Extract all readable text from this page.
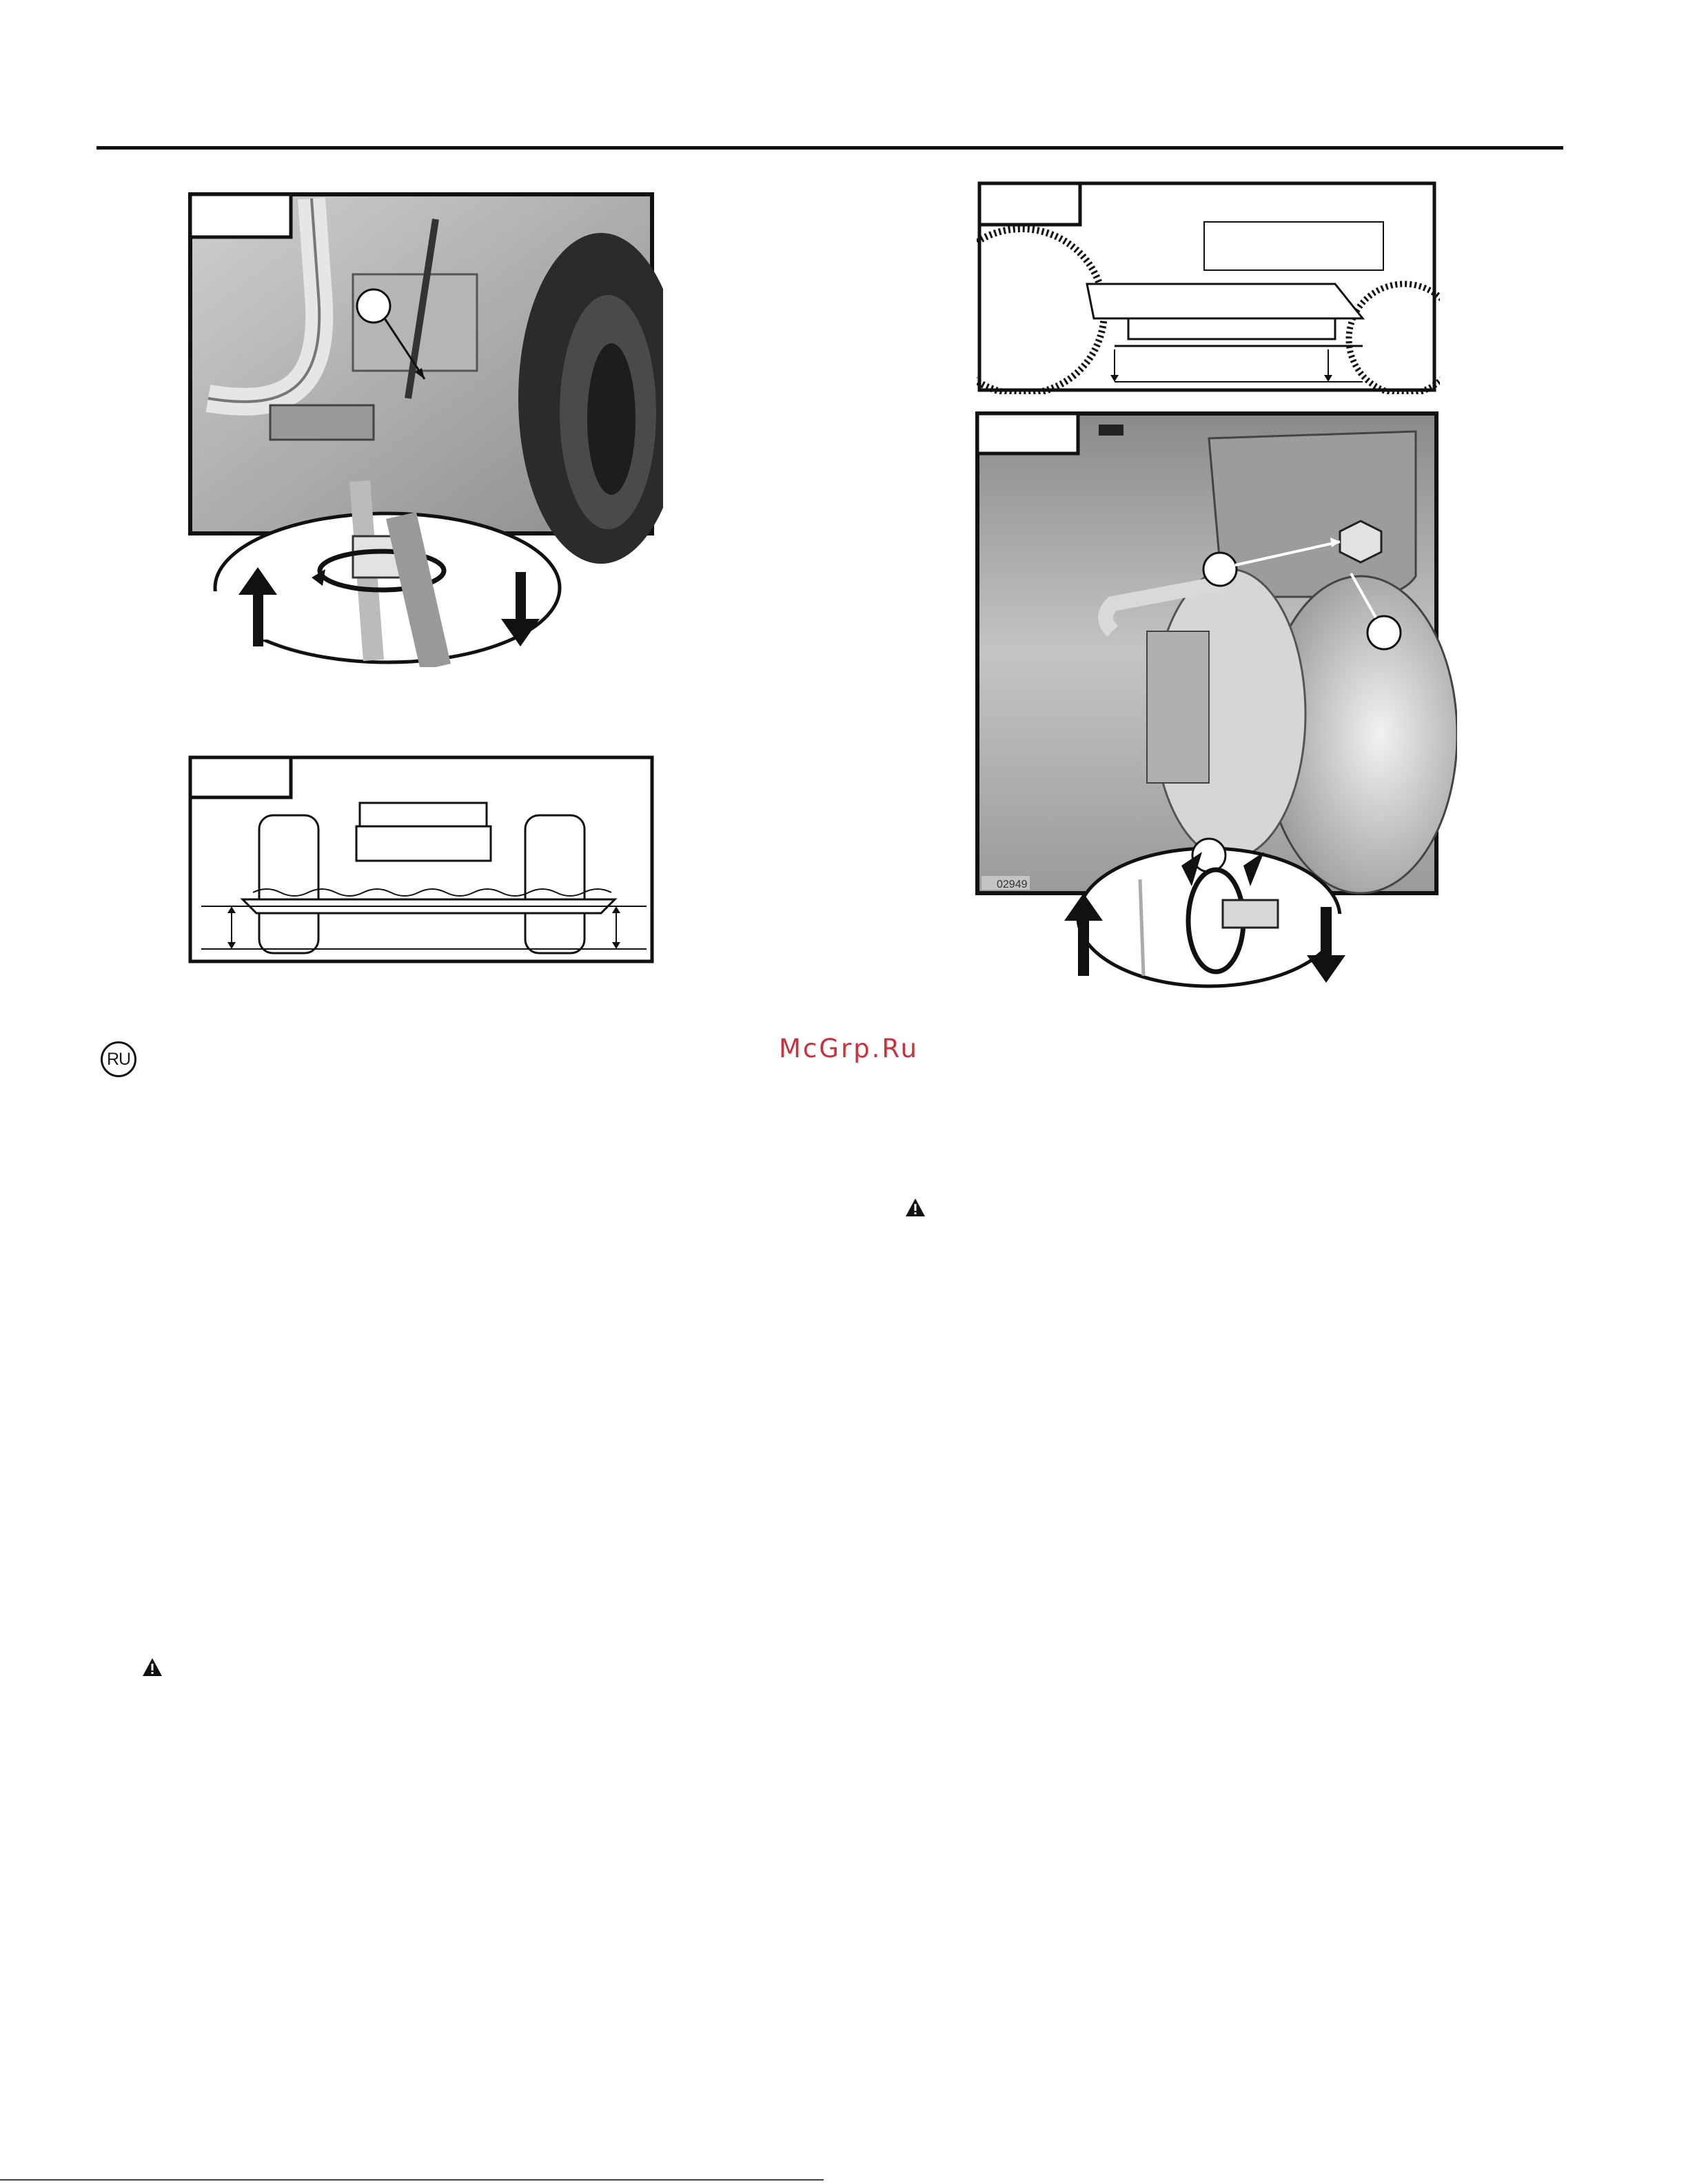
02949
RU	McGrp.Ru
